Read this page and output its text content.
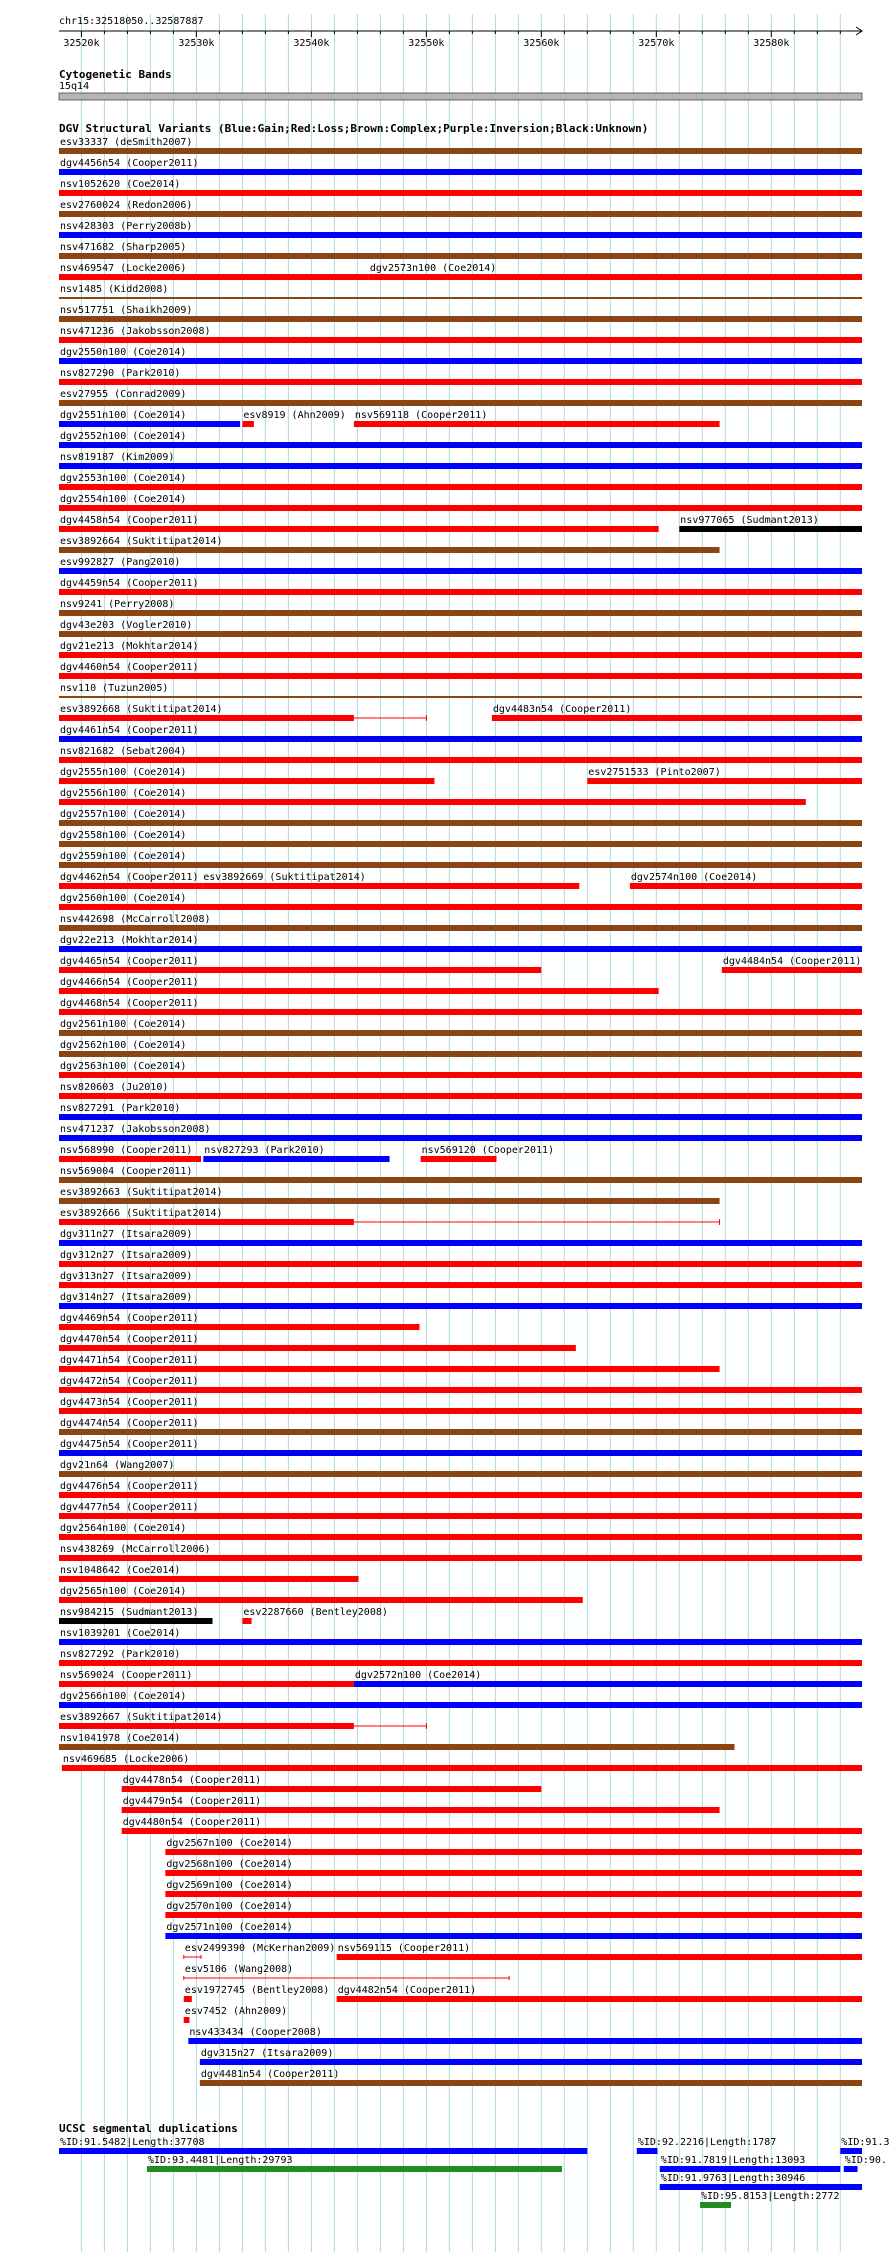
chr15:32518050..32587887
32520k	32530k	32540k	32550k	32560k	32570k	32580k
Cytogenetic Bands
15q14
DGV Structural Variants (Blue:Gain;Red:Loss;Brown:Complex;Purple:Inversion;Black:Unknown)
esv33337 (deSmith2007)
dgv4456n54 (Cooper2011)
nsv1052620 (Coe2014)
esv2760024 (Redon2006)
nsv428303 (Perry2008b)
nsv471682 (Sharp2005)
nsv469547 (Locke2006)	dgv2573n100 (Coe2014)
nsv1485 (Kidd2008)
nsv517751 (Shaikh2009)
nsv471236 (Jakobsson2008)
dgv2550n100 (Coe2014)
nsv827290 (Park2010)
esv27955 (Conrad2009)
dgv2551n100 (Coe2014)	esv8919 (Ahn2009) nsv569118 (Cooper2011)
dgv2552n100 (Coe2014)
nsv819187 (Kim2009)
dgv2553n100 (Coe2014)
dgv2554n100 (Coe2014)
dgv4458n54 (Cooper2011)	nsv977065 (Sudmant2013)
esv3892664 (Suktitipat2014)
esv992827 (Pang2010)
dgv4459n54 (Cooper2011)
nsv9241 (Perry2008)
dgv43e203 (Vogler2010)
dgv21e213 (Mokhtar2014)
dgv4460n54 (Cooper2011)
nsv110 (Tuzun2005)
esv3892668 (Suktitipat2014)	dgv4483n54 (Cooper2011)
dgv4461n54 (Cooper2011)
nsv821682 (Sebat2004)
dgv2555n100 (Coe2014)	esv2751533 (Pinto2007)
dgv2556n100 (Coe2014)
dgv2557n100 (Coe2014)
dgv2558n100 (Coe2014)
dgv2559n100 (Coe2014)
dgv4462n54 (Cooper2011) esv3892669 (Suktitipat2014)	dgv2574n100 (Coe2014)
dgv2560n100 (Coe2014)
nsv442698 (McCarroll2008)
dgv22e213 (Mokhtar2014)
dgv4465n54 (Cooper2011)	dgv4484n54 (Cooper2011)
dgv4466n54 (Cooper2011)
dgv4468n54 (Cooper2011)
dgv2561n100 (Coe2014)
dgv2562n100 (Coe2014)
dgv2563n100 (Coe2014)
nsv820603 (Ju2010)
nsv827291 (Park2010)
nsv471237 (Jakobsson2008)
nsv568990 (Cooper2011) nsv827293 (Park2010)	nsv569120 (Cooper2011)
nsv569004 (Cooper2011)
esv3892663 (Suktitipat2014)
esv3892666 (Suktitipat2014)
dgv311n27 (Itsara2009)
dgv312n27 (Itsara2009)
dgv313n27 (Itsara2009)
dgv314n27 (Itsara2009)
dgv4469n54 (Cooper2011)
dgv4470n54 (Cooper2011)
dgv4471n54 (Cooper2011)
dgv4472n54 (Cooper2011)
dgv4473n54 (Cooper2011)
dgv4474n54 (Cooper2011)
dgv4475n54 (Cooper2011)
dgv21n64 (Wang2007)
dgv4476n54 (Cooper2011)
dgv4477n54 (Cooper2011)
dgv2564n100 (Coe2014)
nsv438269 (McCarroll2006)
nsv1048642 (Coe2014)
dgv2565n100 (Coe2014)
nsv984215 (Sudmant2013)	esv2287660 (Bentley2008)
nsv1039201 (Coe2014)
nsv827292 (Park2010)
nsv569024 (Cooper2011)	dgv2572n100 (Coe2014)
dgv2566n100 (Coe2014)
esv3892667 (Suktitipat2014)
nsv1041978 (Coe2014)
nsv469685 (Locke2006)
dgv4478n54 (Cooper2011)
dgv4479n54 (Cooper2011)
dgv4480n54 (Cooper2011)
dgv2567n100 (Coe2014)
dgv2568n100 (Coe2014)
dgv2569n100 (Coe2014)
dgv2570n100 (Coe2014)
dgv2571n100 (Coe2014)
esv2499390 (McKernan2009) nsv569115 (Cooper2011)
esv5106 (Wang2008)
esv1972745 (Bentley2008) dgv4482n54 (Cooper2011)
esv7452 (Ahn2009)
nsv433434 (Cooper2008)
dgv315n27 (Itsara2009)
dgv4481n54 (Cooper2011)
UCSC segmental duplications
%ID:91.5482|Length:37708	%ID:92.2216|Length:1787	%ID:91.3
%ID:93.4481|Length:29793	%ID:91.7819|Length:13093	%ID:90.
%ID:91.9763|Length:30946
%ID:95.8153|Length:2772
